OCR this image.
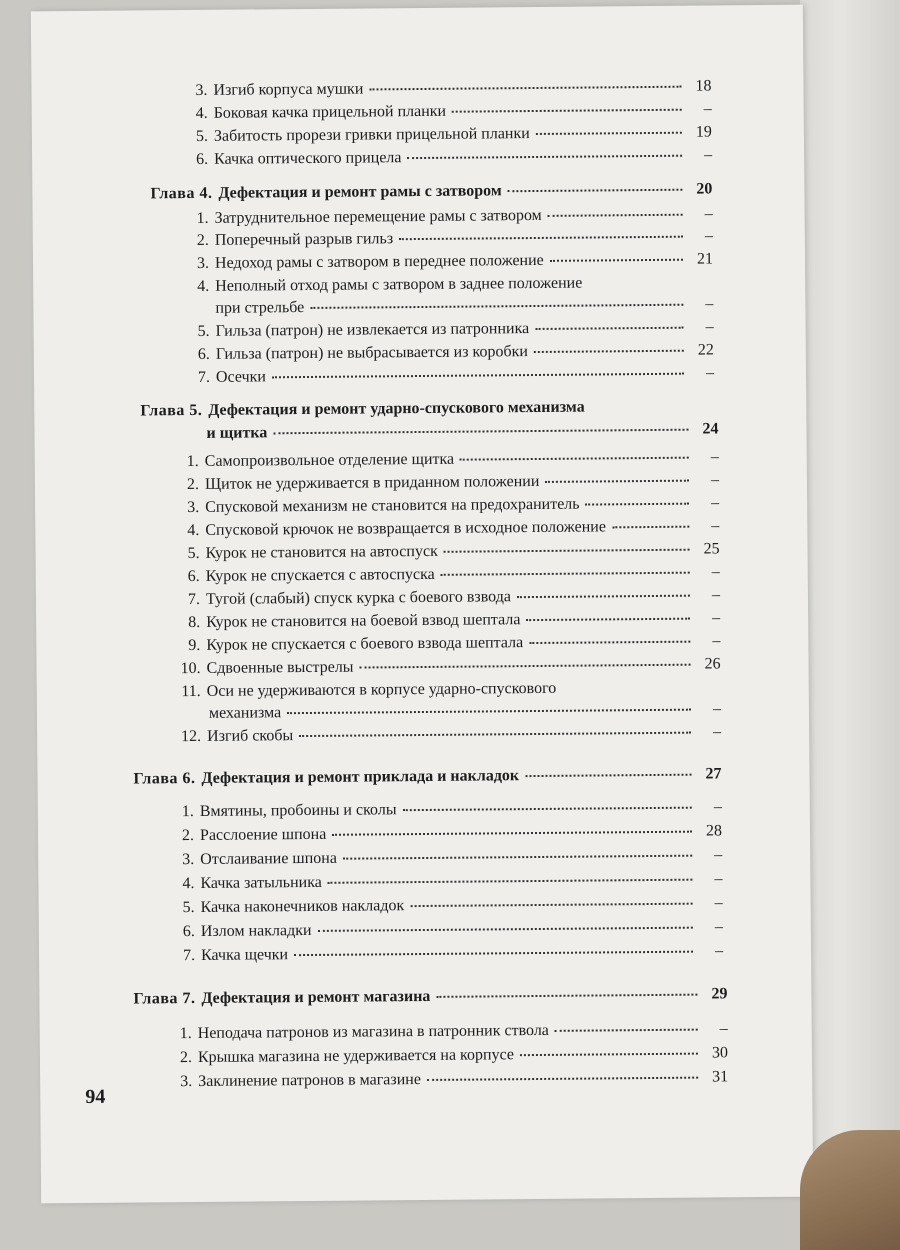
3. Изгиб корпуса мушки	18
4. Боковая качка прицельной планки	–
5. Забитость прорези гривки прицельной планки	19
6. Качка оптического прицела	–
Глава 4. Дефектация и ремонт рамы с затвором	20
1. Затруднительное перемещение рамы с затвором	–
2. Поперечный разрыв гильз	–
3. Недоход рамы с затвором в переднее положение	21
4. Неполный отход рамы с затвором в заднее положение
при стрельбе	–
5. Гильза (патрон) не извлекается из патронника	–
6. Гильза (патрон) не выбрасывается из коробки	22
7. Осечки	–
Глава 5. Дефектация и ремонт ударно-спускового механизма
и щитка	24
1. Самопроизвольное отделение щитка	–
2. Щиток не удерживается в приданном положении	–
3. Спусковой механизм не становится на предохранитель	–
4. Спусковой крючок не возвращается в исходное положение	–
5. Курок не становится на автоспуск	25
6. Курок не спускается с автоспуска	–
7. Тугой (слабый) спуск курка с боевого взвода	–
8. Курок не становится на боевой взвод шептала	–
9. Курок не спускается с боевого взвода шептала	–
10. Сдвоенные выстрелы	26
11. Оси не удерживаются в корпусе ударно-спускового
механизма	–
12. Изгиб скобы	–
Глава 6. Дефектация и ремонт приклада и накладок	27
1. Вмятины, пробоины и сколы	–
2. Расслоение шпона	28
3. Отслаивание шпона	–
4. Качка затыльника	–
5. Качка наконечников накладок	–
6. Излом накладки	–
7. Качка щечки	–
Глава 7. Дефектация и ремонт магазина	29
1. Неподача патронов из магазина в патронник ствола	–
2. Крышка магазина не удерживается на корпусе	30
3. Заклинение патронов в магазине	31
94
